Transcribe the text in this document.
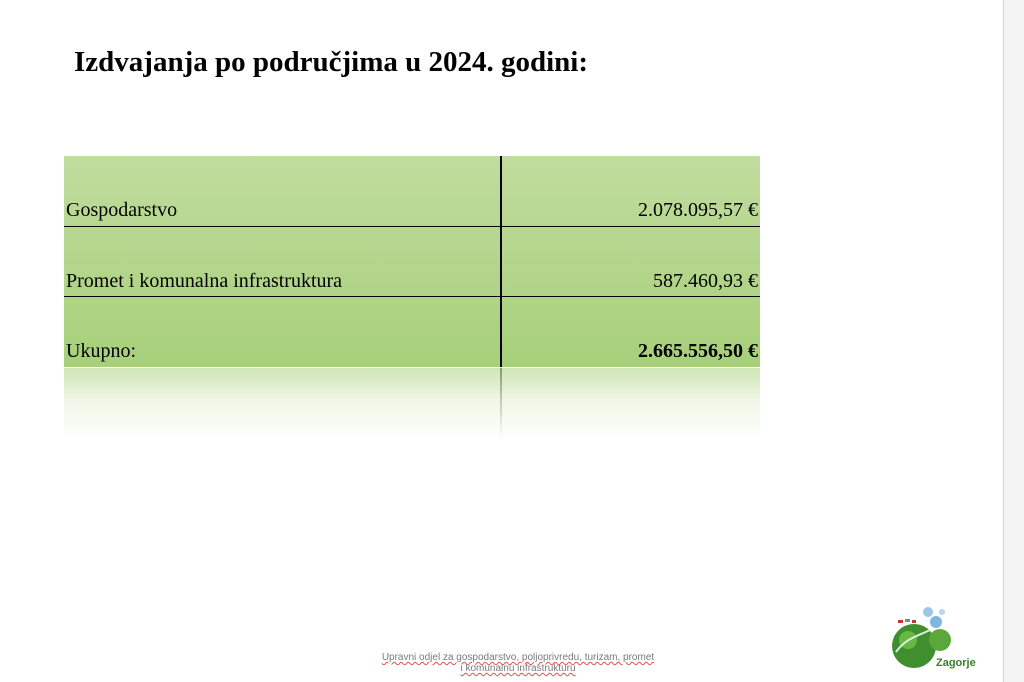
Izdvajanja po područjima u 2024. godini:
Gospodarstvo	2.078.095,57 €
Promet i komunalna infrastruktura	587.460,93 €
Ukupno:	2.665.556,50 €
Upravni odjel za gospodarstvo, poljoprivredu, turizam, promet
i komunalnu infrastrukturu	Zagorje
